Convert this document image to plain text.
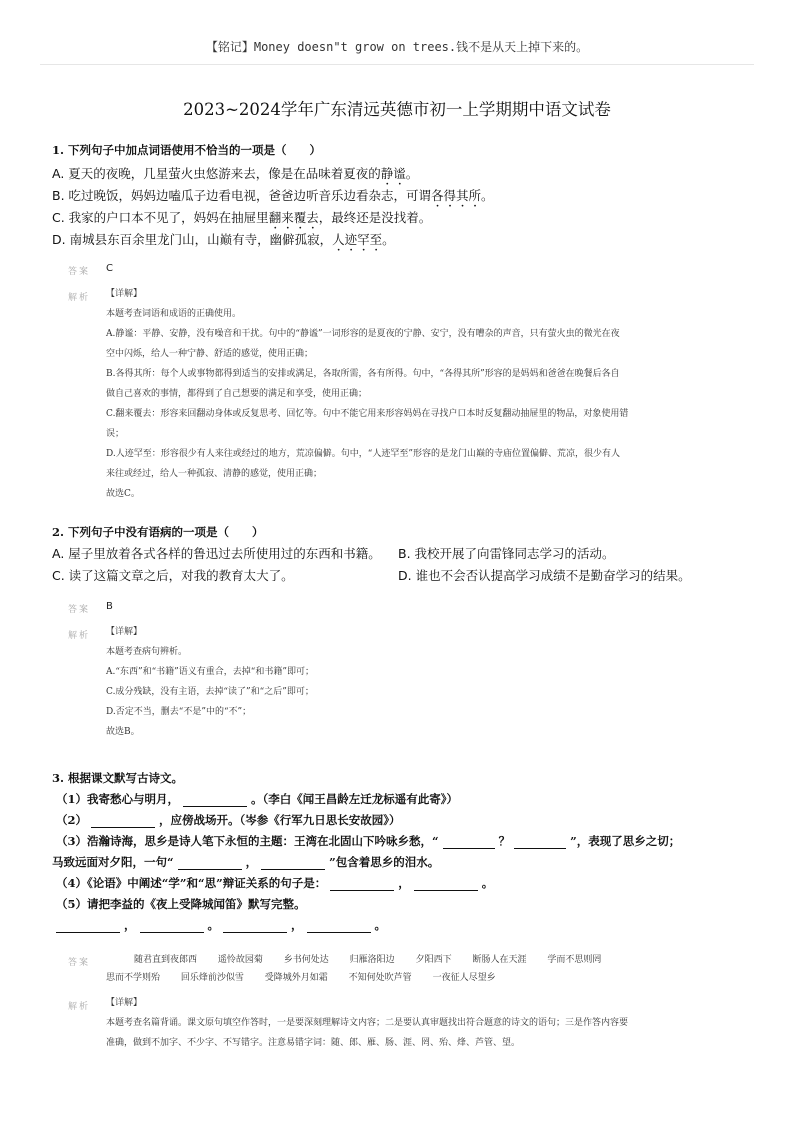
【铭记】Money doesn"t grow on trees.钱不是从天上掉下来的。
2023~2024学年广东清远英德市初一上学期期中语文试卷
1. 下列句子中加点词语使用不恰当的一项是（　　）
A. 夏天的夜晚，几星萤火虫悠游来去，像是在品味着夏夜的静谧。
B. 吃过晚饭，妈妈边嗑瓜子边看电视，爸爸边听音乐边看杂志，可谓各得其所。
C. 我家的户口本不见了，妈妈在抽屉里翻来覆去，最终还是没找着。
D. 南城县东百余里龙门山，山巅有寺，幽僻孤寂，人迹罕至。
答案 C
解析 【详解】

本题考查词语和成语的正确使用。

A.静谧：平静、安静，没有噪音和干扰。句中的“静谧”一词形容的是夏夜的宁静、安宁，没有嘈杂的声音，只有萤火虫的微光在夜

空中闪烁，给人一种宁静、舒适的感觉，使用正确；

B.各得其所：每个人或事物都得到适当的安排或满足，各取所需，各有所得。句中，“各得其所”形容的是妈妈和爸爸在晚餐后各自

做自己喜欢的事情，都得到了自己想要的满足和享受，使用正确；

C.翻来覆去：形容来回翻动身体或反复思考、回忆等。句中不能它用来形容妈妈在寻找户口本时反复翻动抽屉里的物品，对象使用错

误；

D.人迹罕至：形容很少有人来往或经过的地方，荒凉偏僻。句中，“人迹罕至”形容的是龙门山巅的寺庙位置偏僻、荒凉，很少有人

来往或经过，给人一种孤寂、清静的感觉，使用正确；

故选C。

2. 下列句子中没有语病的一项是（　　）
A. 屋子里放着各式各样的鲁迅过去所使用过的东西和书籍。 B. 我校开展了向雷锋同志学习的活动。
C. 读了这篇文章之后，对我的教育太大了。	D. 谁也不会否认提高学习成绩不是勤奋学习的结果。
答案 B
解析 【详解】

本题考查病句辨析。

A.“东西”和“书籍”语义有重合，去掉“和书籍”即可；

C.成分残缺，没有主语，去掉“读了”和“之后”即可；

D.否定不当，删去“不是”中的“不”；

故选B。

3. 根据课文默写古诗文。
（1）我寄愁心与明月，	。（李白《闻王昌龄左迁龙标遥有此寄》）
（2）	，应傍战场开。（岑参《行军九日思长安故园》）
（3）浩瀚诗海，思乡是诗人笔下永恒的主题：王湾在北固山下吟咏乡愁，“	？	”，表现了思乡之切；
马致远面对夕阳，一句“	，	”包含着思乡的泪水。
（4）《论语》中阐述“学”和“思”辩证关系的句子是：	，	。
（5）请把李益的《夜上受降城闻笛》默写完整。
，	。	，	。
答案	随君直到夜郎西 遥怜故园菊 乡书何处达 归雁洛阳边 夕阳西下 断肠人在天涯 学而不思则罔
思而不学则殆 回乐烽前沙似雪 受降城外月如霜 不知何处吹芦管 一夜征人尽望乡
解析 【详解】

本题考查名篇背诵。课文原句填空作答时，一是要深刻理解诗文内容；二是要认真审题找出符合题意的诗文的语句；三是作答内容要

准确，做到不加字、不少字、不写错字。注意易错字词：随、郎、雁、肠、涯、罔、殆、烽、芦管、望。
